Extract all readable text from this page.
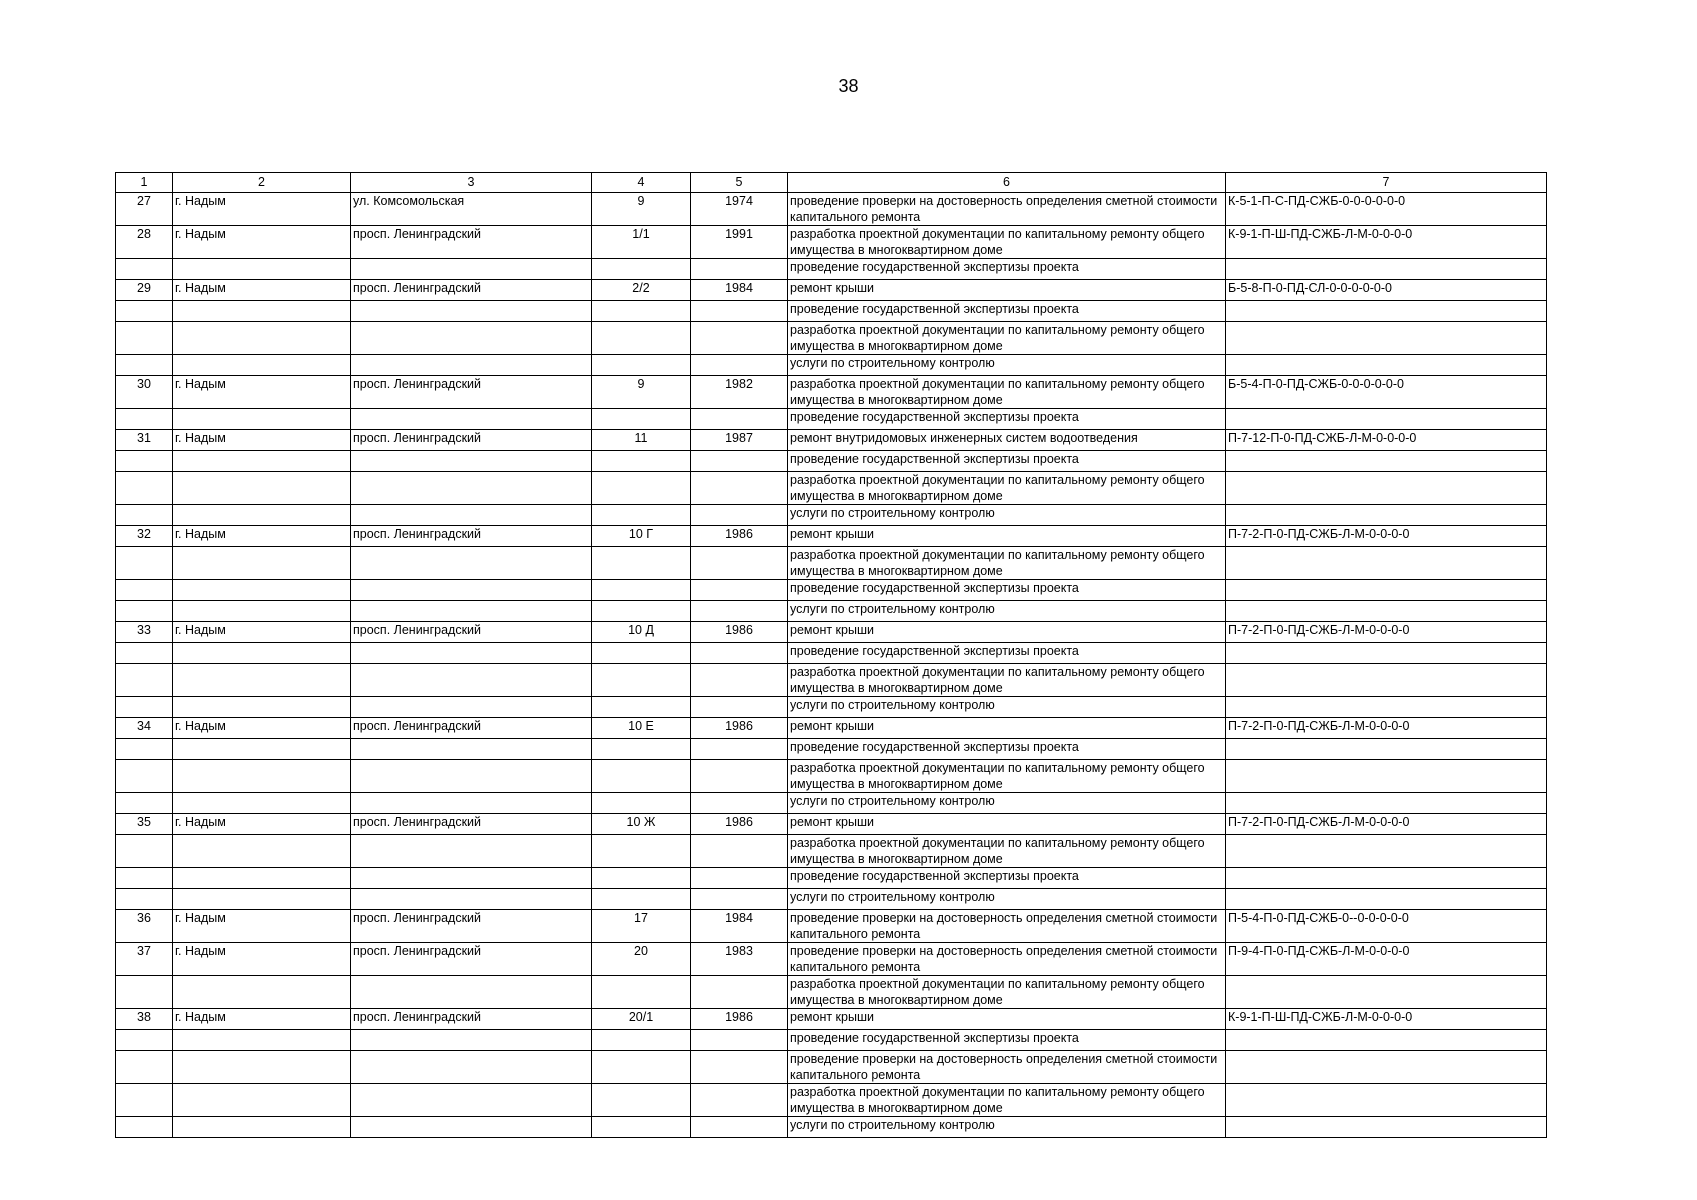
38
1	2	3	4	5	6	7
27	г. Надым	ул. Комсомольская	9	1974	проведение проверки на достоверность определения сметной стоимости капитального ремонта	К-5-1-П-С-ПД-СЖБ-0-0-0-0-0-0
28	г. Надым	просп. Ленинградский	1/1	1991	разработка проектной документации по капитальному ремонту общего имущества в многоквартирном доме	К-9-1-П-Ш-ПД-СЖБ-Л-М-0-0-0-0
					проведение государственной экспертизы проекта	
29	г. Надым	просп. Ленинградский	2/2	1984	ремонт крыши	Б-5-8-П-0-ПД-СЛ-0-0-0-0-0-0
					проведение государственной экспертизы проекта	
					разработка проектной документации по капитальному ремонту общего имущества в многоквартирном доме	
					услуги по строительному контролю	
30	г. Надым	просп. Ленинградский	9	1982	разработка проектной документации по капитальному ремонту общего имущества в многоквартирном доме	Б-5-4-П-0-ПД-СЖБ-0-0-0-0-0-0
					проведение государственной экспертизы проекта	
31	г. Надым	просп. Ленинградский	11	1987	ремонт внутридомовых инженерных систем водоотведения	П-7-12-П-0-ПД-СЖБ-Л-М-0-0-0-0
					проведение государственной экспертизы проекта	
					разработка проектной документации по капитальному ремонту общего имущества в многоквартирном доме	
					услуги по строительному контролю	
32	г. Надым	просп. Ленинградский	10 Г	1986	ремонт крыши	П-7-2-П-0-ПД-СЖБ-Л-М-0-0-0-0
					разработка проектной документации по капитальному ремонту общего имущества в многоквартирном доме	
					проведение государственной экспертизы проекта	
					услуги по строительному контролю	
33	г. Надым	просп. Ленинградский	10 Д	1986	ремонт крыши	П-7-2-П-0-ПД-СЖБ-Л-М-0-0-0-0
					проведение государственной экспертизы проекта	
					разработка проектной документации по капитальному ремонту общего имущества в многоквартирном доме	
					услуги по строительному контролю	
34	г. Надым	просп. Ленинградский	10 Е	1986	ремонт крыши	П-7-2-П-0-ПД-СЖБ-Л-М-0-0-0-0
					проведение государственной экспертизы проекта	
					разработка проектной документации по капитальному ремонту общего имущества в многоквартирном доме	
					услуги по строительному контролю	
35	г. Надым	просп. Ленинградский	10 Ж	1986	ремонт крыши	П-7-2-П-0-ПД-СЖБ-Л-М-0-0-0-0
					разработка проектной документации по капитальному ремонту общего имущества в многоквартирном доме	
					проведение государственной экспертизы проекта	
					услуги по строительному контролю	
36	г. Надым	просп. Ленинградский	17	1984	проведение проверки на достоверность определения сметной стоимости капитального ремонта	П-5-4-П-0-ПД-СЖБ-0--0-0-0-0-0
37	г. Надым	просп. Ленинградский	20	1983	проведение проверки на достоверность определения сметной стоимости капитального ремонта	П-9-4-П-0-ПД-СЖБ-Л-М-0-0-0-0
					разработка проектной документации по капитальному ремонту общего имущества в многоквартирном доме	
38	г. Надым	просп. Ленинградский	20/1	1986	ремонт крыши	К-9-1-П-Ш-ПД-СЖБ-Л-М-0-0-0-0
					проведение государственной экспертизы проекта	
					проведение проверки на достоверность определения сметной стоимости капитального ремонта	
					разработка проектной документации по капитальному ремонту общего имущества в многоквартирном доме	
					услуги по строительному контролю	
